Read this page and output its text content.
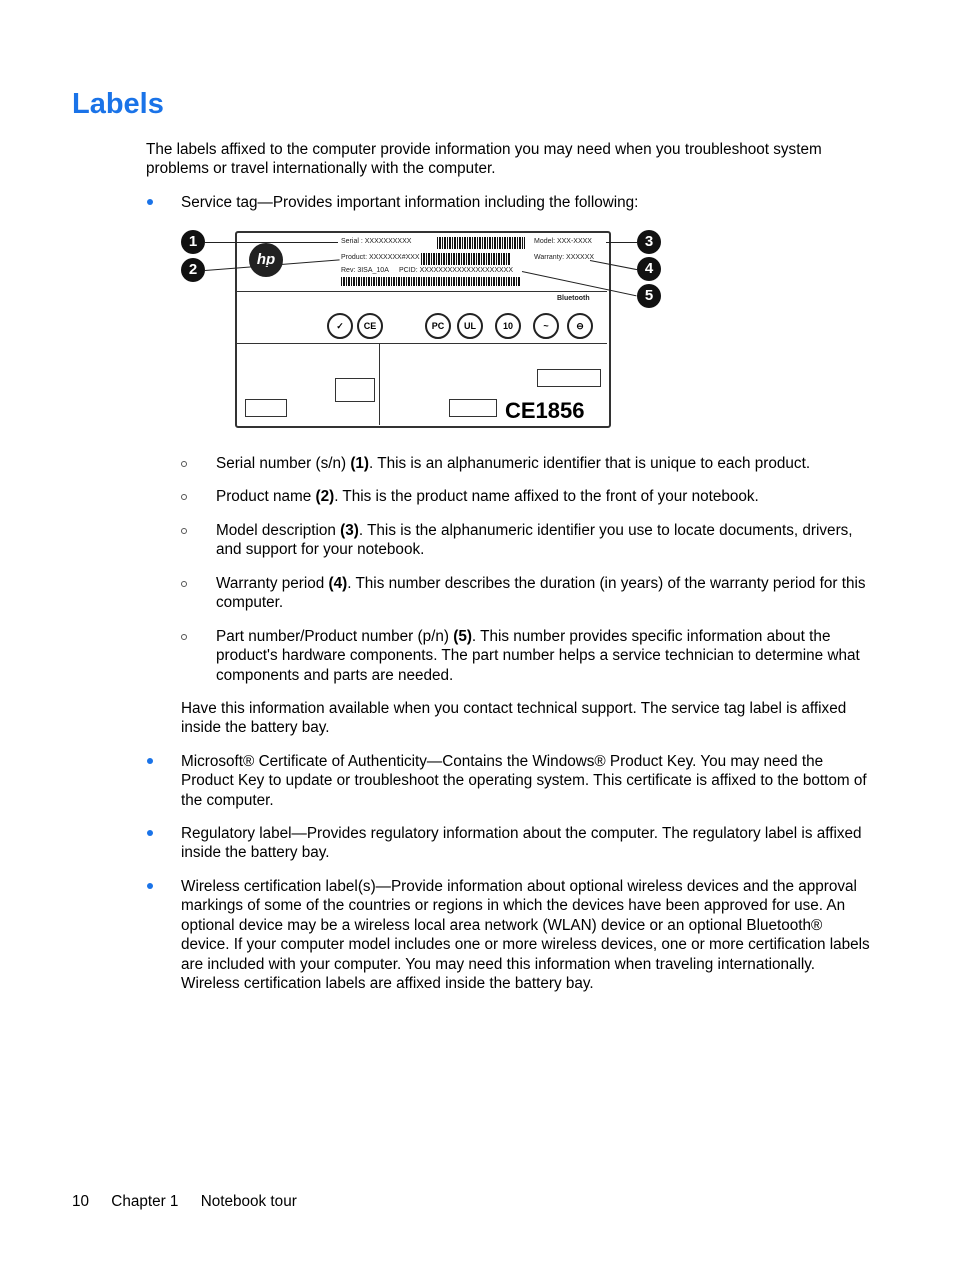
Labels

The labels affixed to the computer provide information you may need when you troubleshoot system problems or travel internationally with the computer.

Service tag—Provides important information including the following:

hp
Serial : XXXXXXXXXX	Model: XXX-XXXX
Product: XXXXXXX#XXX	Warranty: XXXXXX
Rev: 3ISA_10A PCID: XXXXXXXXXXXXXXXXXXXX
Bluetooth
✓	CE	PC	UL	10	~	⊖
CE1856
1
2
3
4
5

Serial number (s/n) (1). This is an alphanumeric identifier that is unique to each product.

Product name (2). This is the product name affixed to the front of your notebook.

Model description (3). This is the alphanumeric identifier you use to locate documents, drivers, and support for your notebook.

Warranty period (4). This number describes the duration (in years) of the warranty period for this computer.

Part number/Product number (p/n) (5). This number provides specific information about the product's hardware components. The part number helps a service technician to determine what components and parts are needed.

Have this information available when you contact technical support. The service tag label is affixed inside the battery bay.

Microsoft® Certificate of Authenticity—Contains the Windows® Product Key. You may need the Product Key to update or troubleshoot the operating system. This certificate is affixed to the bottom of the computer.

Regulatory label—Provides regulatory information about the computer. The regulatory label is affixed inside the battery bay.

Wireless certification label(s)—Provide information about optional wireless devices and the approval markings of some of the countries or regions in which the devices have been approved for use. An optional device may be a wireless local area network (WLAN) device or an optional Bluetooth® device. If your computer model includes one or more wireless devices, one or more certification labels are included with your computer. You may need this information when traveling internationally. Wireless certification labels are affixed inside the battery bay.

10 Chapter 1 Notebook tour
